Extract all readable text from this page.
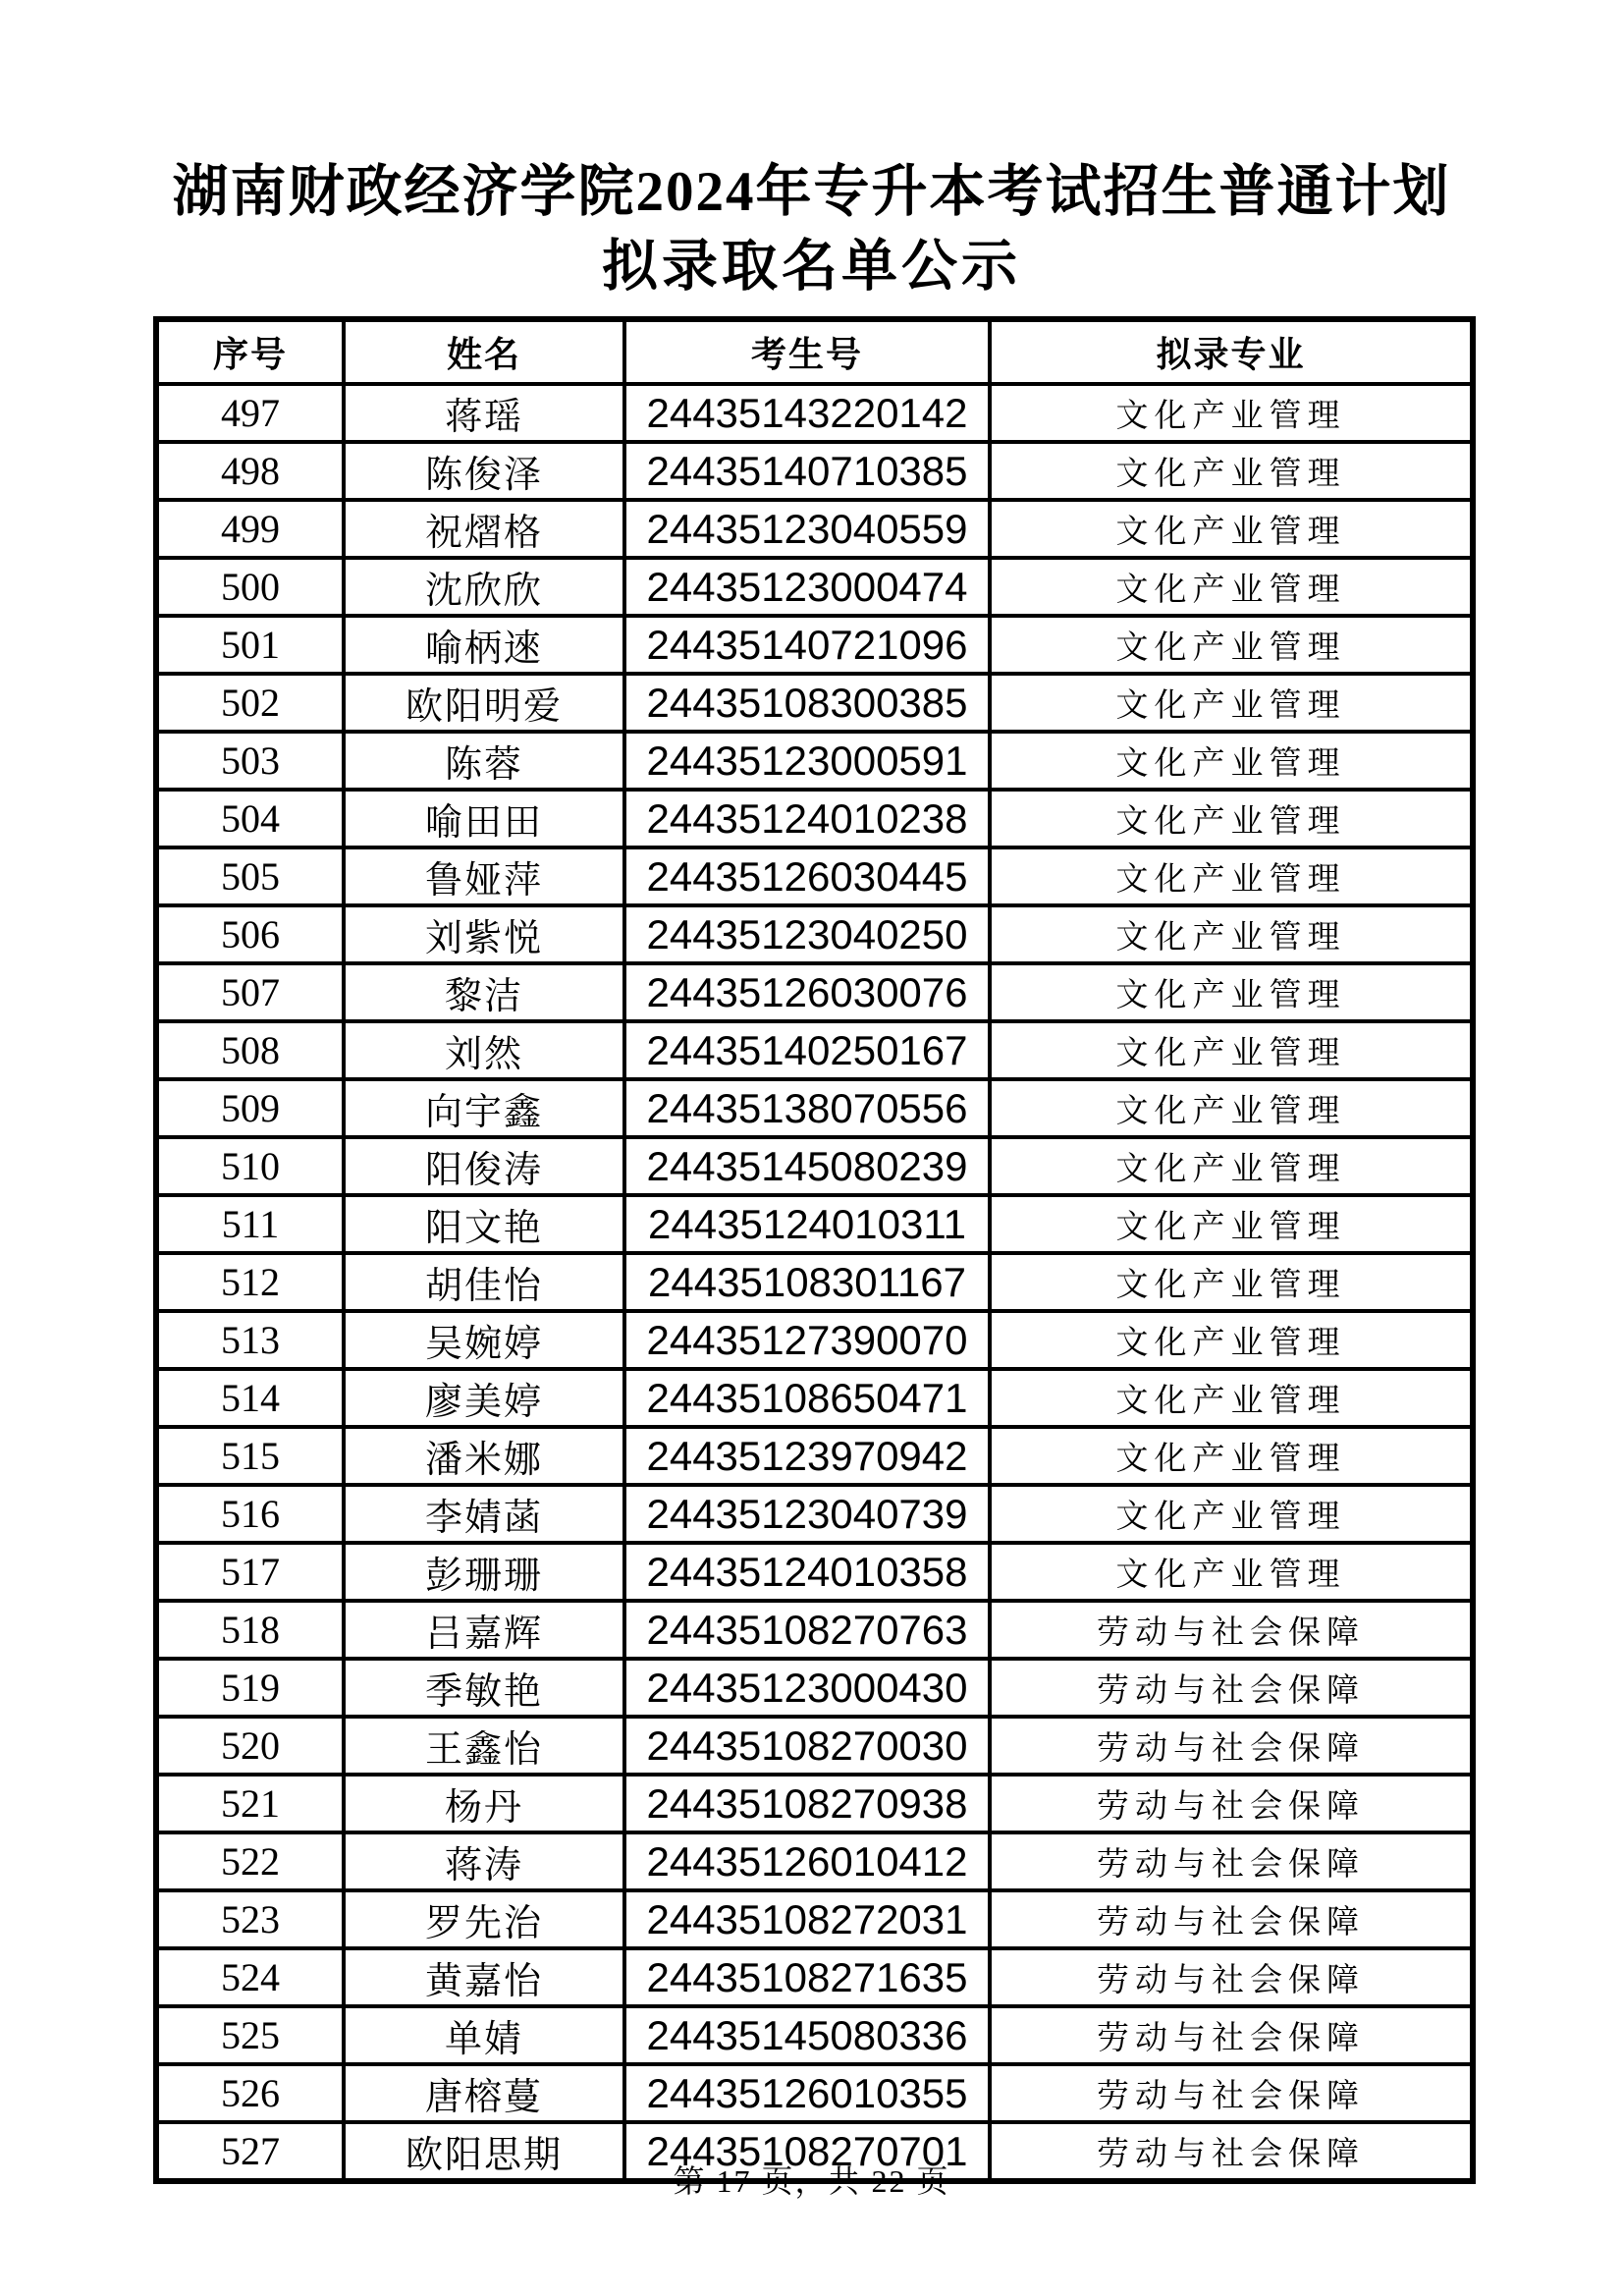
湖南财政经济学院2024年专升本考试招生普通计划
拟录取名单公示
序号	姓名	考生号	拟录专业
497	蒋瑶	24435143220142	文化产业管理
498	陈俊泽	24435140710385	文化产业管理
499	祝熠格	24435123040559	文化产业管理
500	沈欣欣	24435123000474	文化产业管理
501	喻柄逨	24435140721096	文化产业管理
502	欧阳明爱	24435108300385	文化产业管理
503	陈蓉	24435123000591	文化产业管理
504	喻田田	24435124010238	文化产业管理
505	鲁娅萍	24435126030445	文化产业管理
506	刘紫悦	24435123040250	文化产业管理
507	黎洁	24435126030076	文化产业管理
508	刘然	24435140250167	文化产业管理
509	向宇鑫	24435138070556	文化产业管理
510	阳俊涛	24435145080239	文化产业管理
511	阳文艳	24435124010311	文化产业管理
512	胡佳怡	24435108301167	文化产业管理
513	吴婉婷	24435127390070	文化产业管理
514	廖美婷	24435108650471	文化产业管理
515	潘米娜	24435123970942	文化产业管理
516	李婧菡	24435123040739	文化产业管理
517	彭珊珊	24435124010358	文化产业管理
518	吕嘉辉	24435108270763	劳动与社会保障
519	季敏艳	24435123000430	劳动与社会保障
520	王鑫怡	24435108270030	劳动与社会保障
521	杨丹	24435108270938	劳动与社会保障
522	蒋涛	24435126010412	劳动与社会保障
523	罗先治	24435108272031	劳动与社会保障
524	黄嘉怡	24435108271635	劳动与社会保障
525	单婧	24435145080336	劳动与社会保障
526	唐榕蔓	24435126010355	劳动与社会保障
527	欧阳思期	24435108270701	劳动与社会保障
第 17 页，共 22 页
